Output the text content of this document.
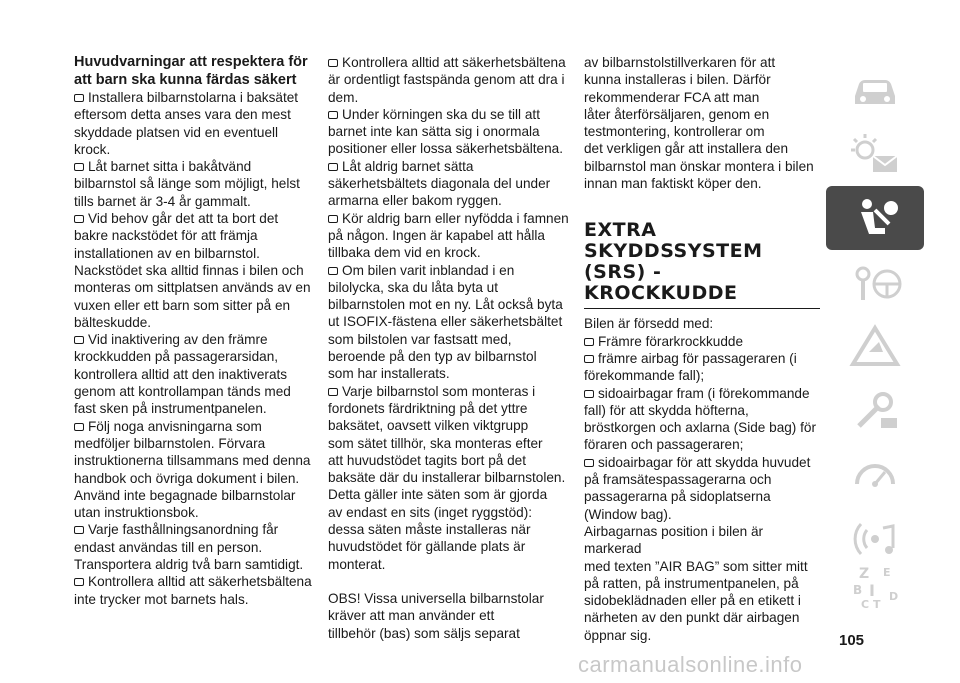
Huvudvarningar att respektera för
att barn ska kunna färdas säkert

Installera bilbarnstolarna i baksätet
eftersom detta anses vara den mest
skyddade platsen vid en eventuell
krock.

Låt barnet sitta i bakåtvänd
bilbarnstol så länge som möjligt, helst
tills barnet är 3-4 år gammalt.

Vid behov går det att ta bort det
bakre nackstödet för att främja
installationen av en bilbarnstol.
Nackstödet ska alltid finnas i bilen och
monteras om sittplatsen används av en
vuxen eller ett barn som sitter på en
bälteskudde.

Vid inaktivering av den främre
krockkudden på passagerarsidan,
kontrollera alltid att den inaktiverats
genom att kontrollampan tänds med
fast sken på instrumentpanelen.

Följ noga anvisningarna som
medföljer bilbarnstolen. Förvara
instruktionerna tillsammans med denna
handbok och övriga dokument i bilen.
Använd inte begagnade bilbarnstolar
utan instruktionsbok.

Varje fasthållningsanordning får
endast användas till en person.
Transportera aldrig två barn samtidigt.

Kontrollera alltid att säkerhetsbältena
inte trycker mot barnets hals.

Kontrollera alltid att säkerhetsbältena
är ordentligt fastspända genom att dra i
dem.

Under körningen ska du se till att
barnet inte kan sätta sig i onormala
positioner eller lossa säkerhetsbältena.

Låt aldrig barnet sätta
säkerhetsbältets diagonala del under
armarna eller bakom ryggen.

Kör aldrig barn eller nyfödda i famnen
på någon. Ingen är kapabel att hålla
tillbaka dem vid en krock.

Om bilen varit inblandad i en
bilolycka, ska du låta byta ut
bilbarnstolen mot en ny. Låt också byta
ut ISOFIX-fästena eller säkerhetsbältet
som bilstolen var fastsatt med,
beroende på den typ av bilbarnstol
som har installerats.

Varje bilbarnstol som monteras i
fordonets färdriktning på det yttre
baksätet, oavsett vilken viktgrupp
som sätet tillhör, ska monteras efter
att huvudstödet tagits bort på det
baksäte där du installerar bilbarnstolen.
Detta gäller inte säten som är gjorda
av endast en sits (inget ryggstöd):
dessa säten måste installeras när
huvudstödet för gällande plats är
monterat.

OBS! Vissa universella bilbarnstolar
kräver att man använder ett
tillbehör (bas) som säljs separat

av bilbarnstolstillverkaren för att
kunna installeras i bilen. Därför
rekommenderar FCA att man
låter återförsäljaren, genom en
testmontering, kontrollerar om
det verkligen går att installera den
bilbarnstol man önskar montera i bilen
innan man faktiskt köper den.
EXTRA
SKYDDSSYSTEM
(SRS) -
KROCKKUDDE

Bilen är försedd med:

Främre förarkrockkudde

främre airbag för passageraren (i
förekommande fall);

sidoairbagar fram (i förekommande
fall) för att skydda höfterna,
bröstkorgen och axlarna (Side bag) för
föraren och passageraren;

sidoairbagar för att skydda huvudet
på framsätespassagerarna och
passagerarna på sidoplatserna
(Window bag).

Airbagarnas position i bilen är markerad
med texten ”AIR BAG” som sitter mitt
på ratten, på instrumentpanelen, på
sidobeklädnaden eller på en etikett i
närheten av den punkt där airbagen
öppnar sig.

Z E
B I
C T
D
105
carmanualsonline.info
